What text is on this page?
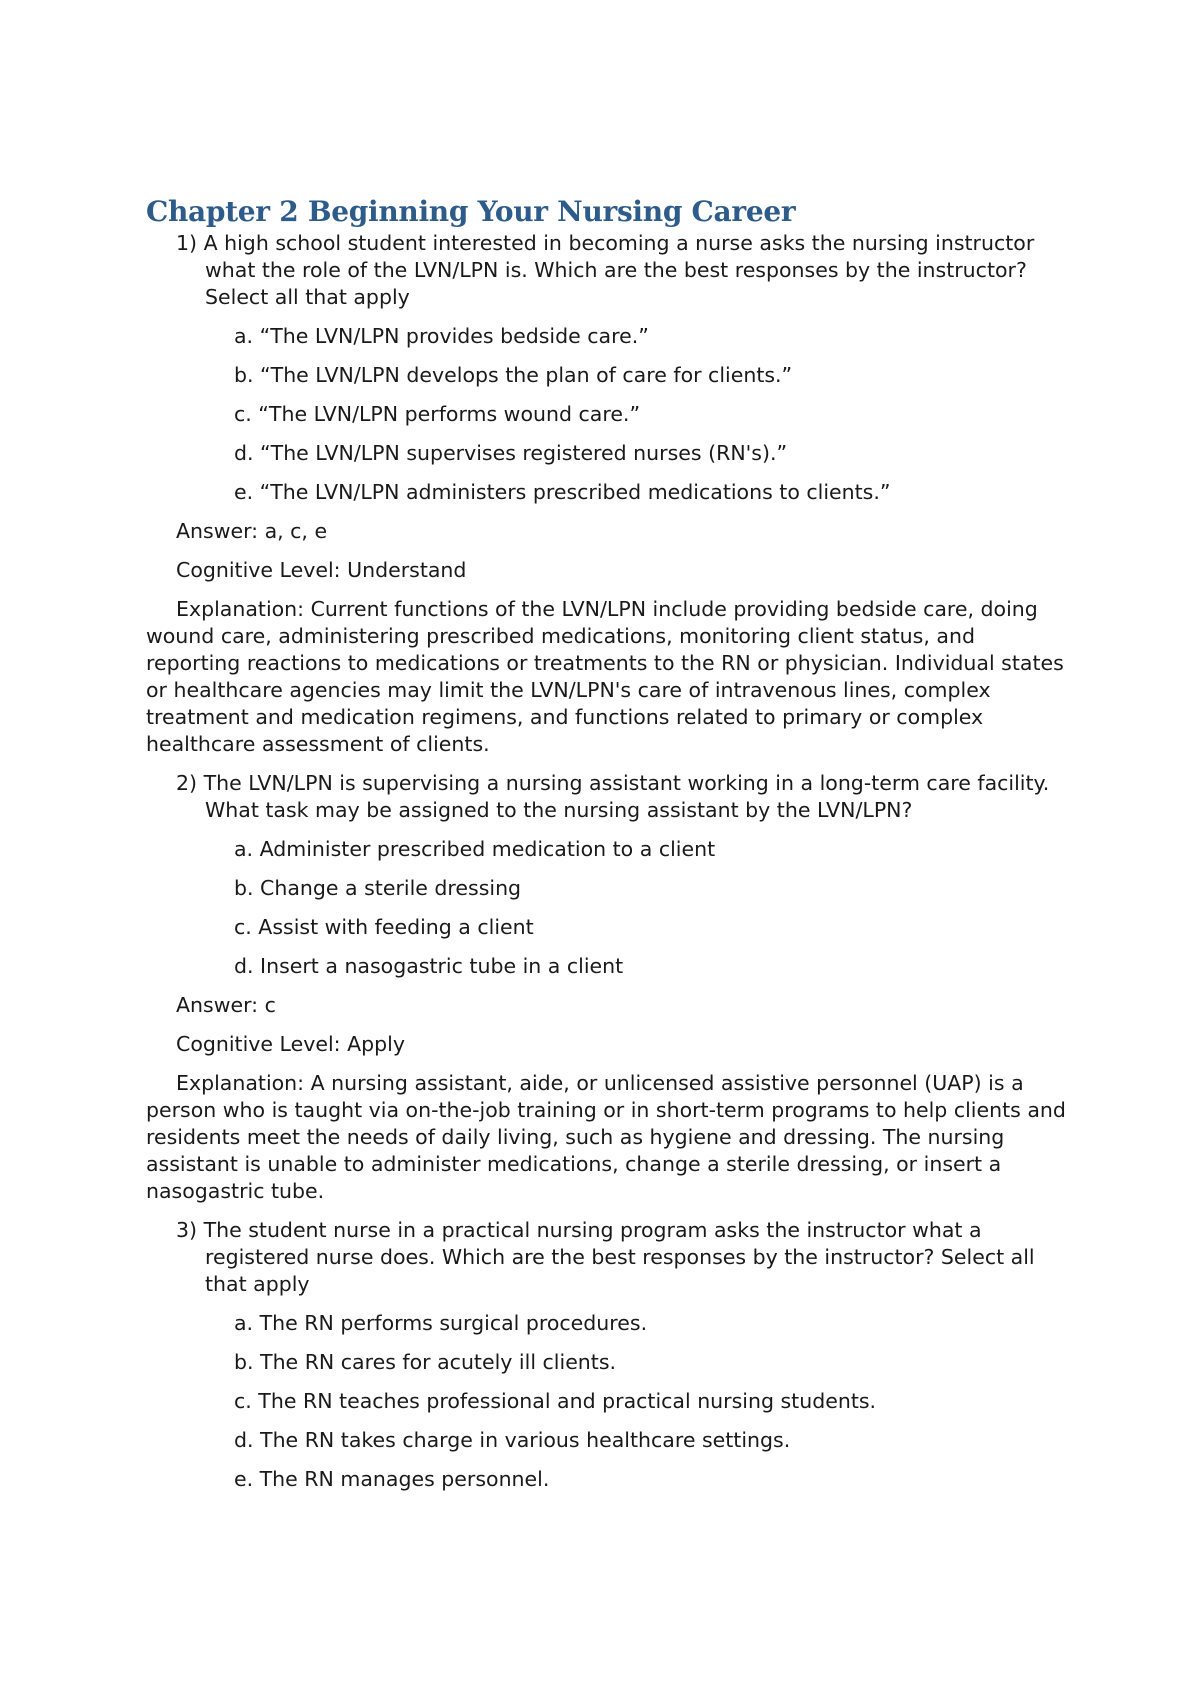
Chapter 2 Beginning Your Nursing Career

1) A high school student interested in becoming a nurse asks the nursing instructor what the role of the LVN/LPN is. Which are the best responses by the instructor? Select all that apply

a. “The LVN/LPN provides bedside care.”

b. “The LVN/LPN develops the plan of care for clients.”

c. “The LVN/LPN performs wound care.”

d. “The LVN/LPN supervises registered nurses (RN's).”

e. “The LVN/LPN administers prescribed medications to clients.”

Answer: a, c, e

Cognitive Level: Understand

Explanation: Current functions of the LVN/LPN include providing bedside care, doing wound care, administering prescribed medications, monitoring client status, and reporting reactions to medications or treatments to the RN or physician. Individual states or healthcare agencies may limit the LVN/LPN's care of intravenous lines, complex treatment and medication regimens, and functions related to primary or complex healthcare assessment of clients.

2) The LVN/LPN is supervising a nursing assistant working in a long-term care facility. What task may be assigned to the nursing assistant by the LVN/LPN?

a. Administer prescribed medication to a client

b. Change a sterile dressing

c. Assist with feeding a client

d. Insert a nasogastric tube in a client

Answer: c

Cognitive Level: Apply

Explanation: A nursing assistant, aide, or unlicensed assistive personnel (UAP) is a person who is taught via on-the-job training or in short-term programs to help clients and residents meet the needs of daily living, such as hygiene and dressing. The nursing assistant is unable to administer medications, change a sterile dressing, or insert a nasogastric tube.

3) The student nurse in a practical nursing program asks the instructor what a registered nurse does. Which are the best responses by the instructor? Select all that apply

a. The RN performs surgical procedures.

b. The RN cares for acutely ill clients.

c. The RN teaches professional and practical nursing students.

d. The RN takes charge in various healthcare settings.

e. The RN manages personnel.
